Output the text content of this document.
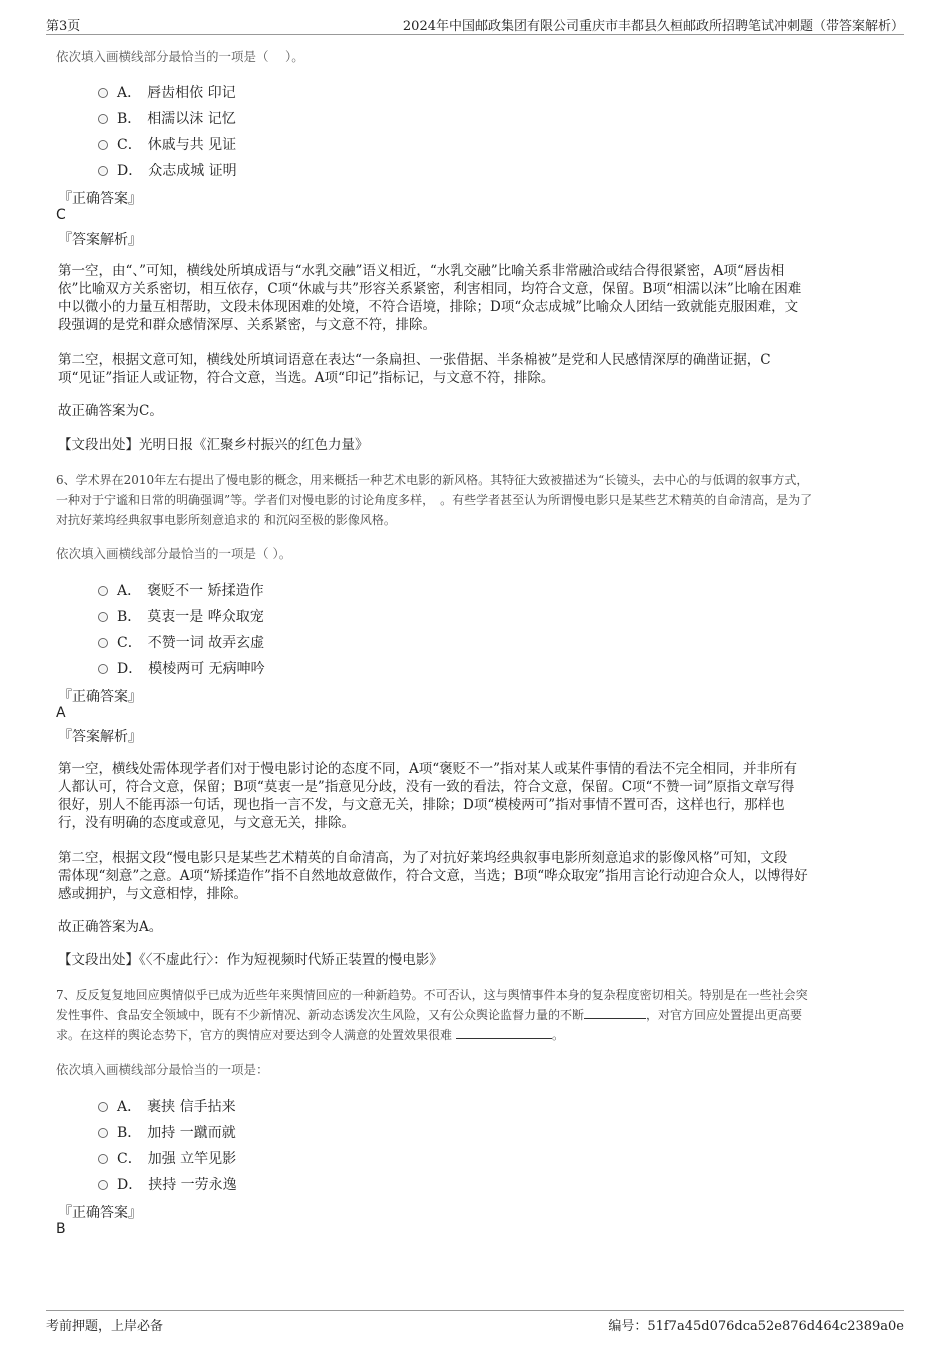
第3页	2024年中国邮政集团有限公司重庆市丰都县久桓邮政所招聘笔试冲刺题（带答案解析）
依次填入画横线部分最恰当的一项是（　 ）。
A． 唇齿相依 印记
B． 相濡以沫 记忆
C． 休戚与共 见证
D． 众志成城 证明
『正确答案』
C
『答案解析』
第一空，由“、”可知，横线处所填成语与“水乳交融”语义相近，“水乳交融”比喻关系非常融洽或结合得很紧密，A项“唇齿相
依”比喻双方关系密切，相互依存，C项“休戚与共”形容关系紧密，利害相同，均符合文意，保留。B项“相濡以沫”比喻在困难
中以微小的力量互相帮助，文段未体现困难的处境，不符合语境，排除；D项“众志成城”比喻众人团结一致就能克服困难，文
段强调的是党和群众感情深厚、关系紧密，与文意不符，排除。
第二空，根据文意可知，横线处所填词语意在表达“一条扁担、一张借据、半条棉被”是党和人民感情深厚的确凿证据，C
项“见证”指证人或证物，符合文意，当选。A项“印记”指标记，与文意不符，排除。
故正确答案为C。
【文段出处】光明日报《汇聚乡村振兴的红色力量》
6、学术界在2010年左右提出了慢电影的概念，用来概括一种艺术电影的新风格。其特征大致被描述为“长镜头，去中心的与低调的叙事方式，
一种对于宁谧和日常的明确强调”等。学者们对慢电影的讨论角度多样，　。有些学者甚至认为所谓慢电影只是某些艺术精英的自命清高，是为了
对抗好莱坞经典叙事电影所刻意追求的 和沉闷至极的影像风格。
依次填入画横线部分最恰当的一项是（ ）。
A． 褒贬不一 矫揉造作
B． 莫衷一是 哗众取宠
C． 不赞一词 故弄玄虚
D． 模棱两可 无病呻吟
『正确答案』
A
『答案解析』
第一空，横线处需体现学者们对于慢电影讨论的态度不同，A项“褒贬不一”指对某人或某件事情的看法不完全相同，并非所有
人都认可，符合文意，保留；B项“莫衷一是”指意见分歧，没有一致的看法，符合文意，保留。C项“不赞一词”原指文章写得
很好，别人不能再添一句话，现也指一言不发，与文意无关，排除；D项“模棱两可”指对事情不置可否，这样也行，那样也
行，没有明确的态度或意见，与文意无关，排除。
第二空，根据文段“慢电影只是某些艺术精英的自命清高，为了对抗好莱坞经典叙事电影所刻意追求的影像风格”可知，文段
需体现“刻意”之意。A项“矫揉造作”指不自然地故意做作，符合文意，当选；B项“哗众取宠”指用言论行动迎合众人，以博得好
感或拥护，与文意相悖，排除。
故正确答案为A。
【文段出处】《〈不虚此行〉：作为短视频时代矫正装置的慢电影》
7、反反复复地回应舆情似乎已成为近些年来舆情回应的一种新趋势。不可否认，这与舆情事件本身的复杂程度密切相关。特别是在一些社会突
发性事件、食品安全领域中，既有不少新情况、新动态诱发次生风险，又有公众舆论监督力量的不断	，对官方回应处置提出更高要
求。在这样的舆论态势下，官方的舆情应对要达到令人满意的处置效果很难	。
依次填入画横线部分最恰当的一项是：
A． 裹挟 信手拈来
B． 加持 一蹴而就
C． 加强 立竿见影
D． 挟持 一劳永逸
『正确答案』
B
考前押题，上岸必备	编号：51f7a45d076dca52e876d464c2389a0e
